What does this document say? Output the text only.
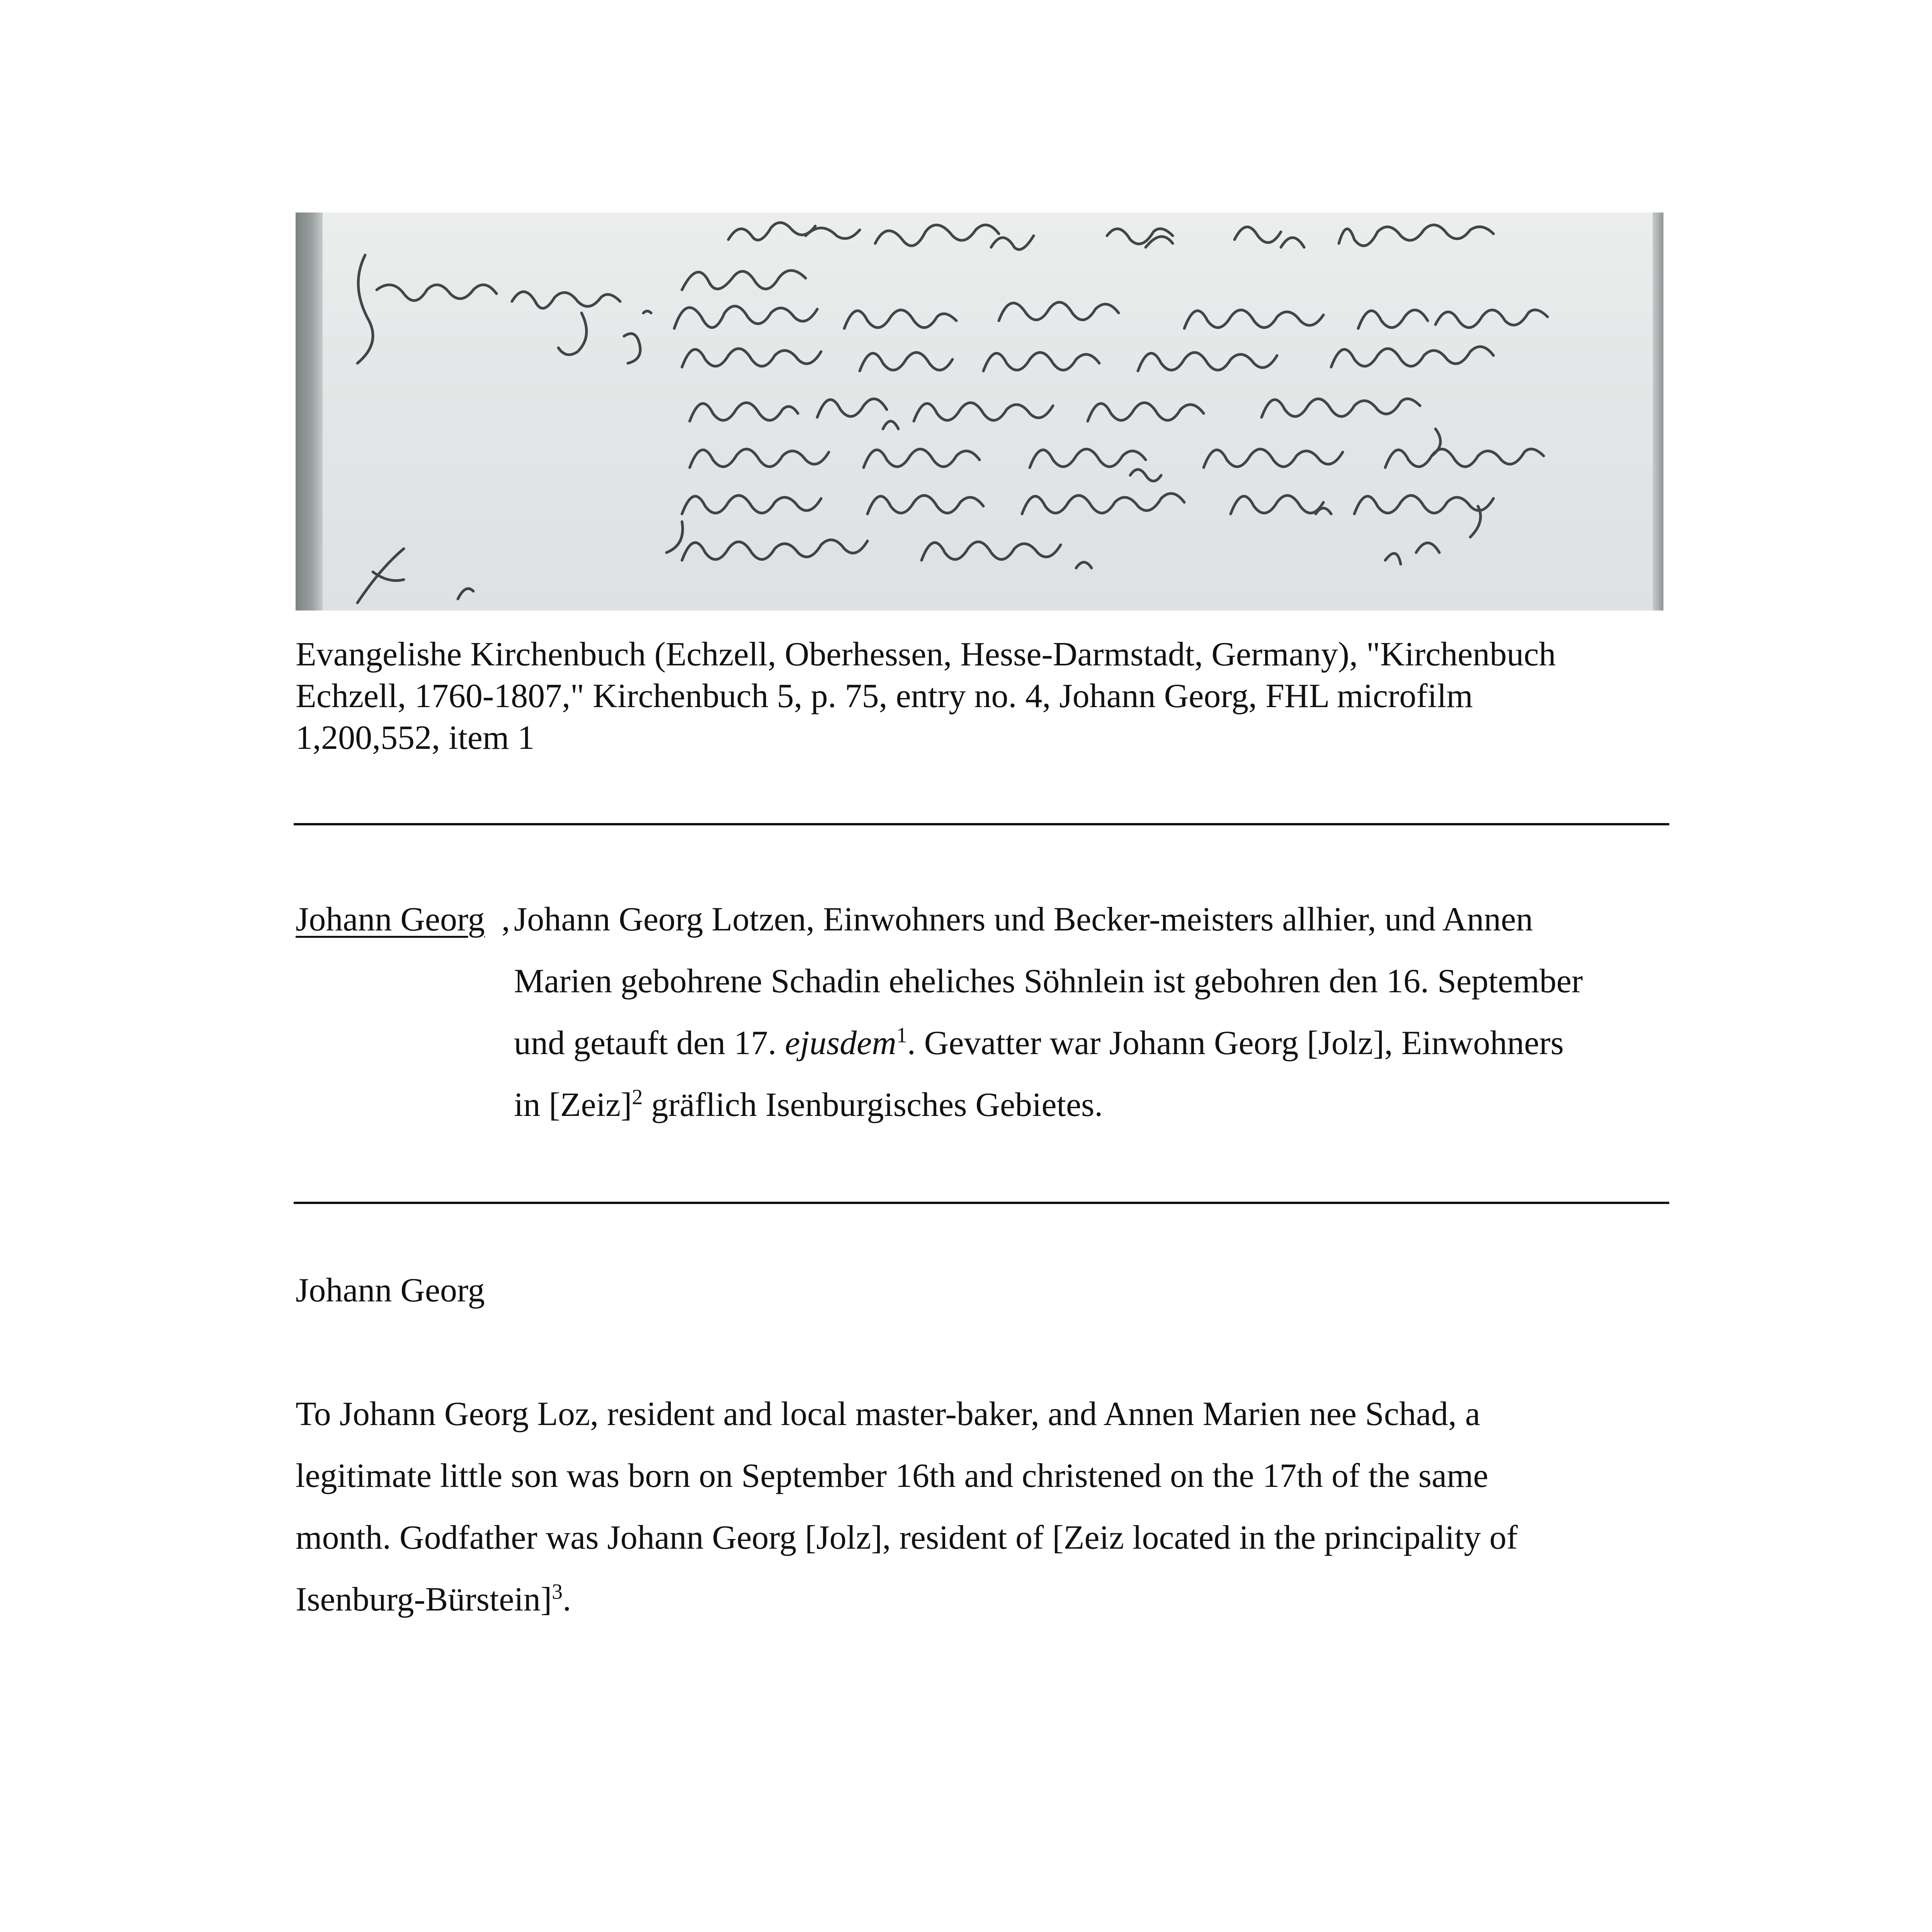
Evangelishe Kirchenbuch (Echzell, Oberhessen, Hesse-Darmstadt, Germany), "Kirchenbuch
Echzell, 1760-1807," Kirchenbuch 5, p. 75, entry no. 4, Johann Georg, FHL microfilm
1,200,552, item 1
Johann Georg , Johann Georg Lotzen, Einwohners und Becker-meisters allhier, und Annen
Marien gebohrene Schadin eheliches Söhnlein ist gebohren den 16. September
und getauft den 17. ejusdem$^1$. Gevatter war Johann Georg [Jolz], Einwohners
in [Zeiz]$^2$ gräflich Isenburgisches Gebietes.
Johann Georg
To Johann Georg Loz, resident and local master-baker, and Annen Marien nee Schad, a
legitimate little son was born on September 16th and christened on the 17th of the same
month. Godfather was Johann Georg [Jolz], resident of [Zeiz located in the principality of
Isenburg-Bürstein]$^3$.
